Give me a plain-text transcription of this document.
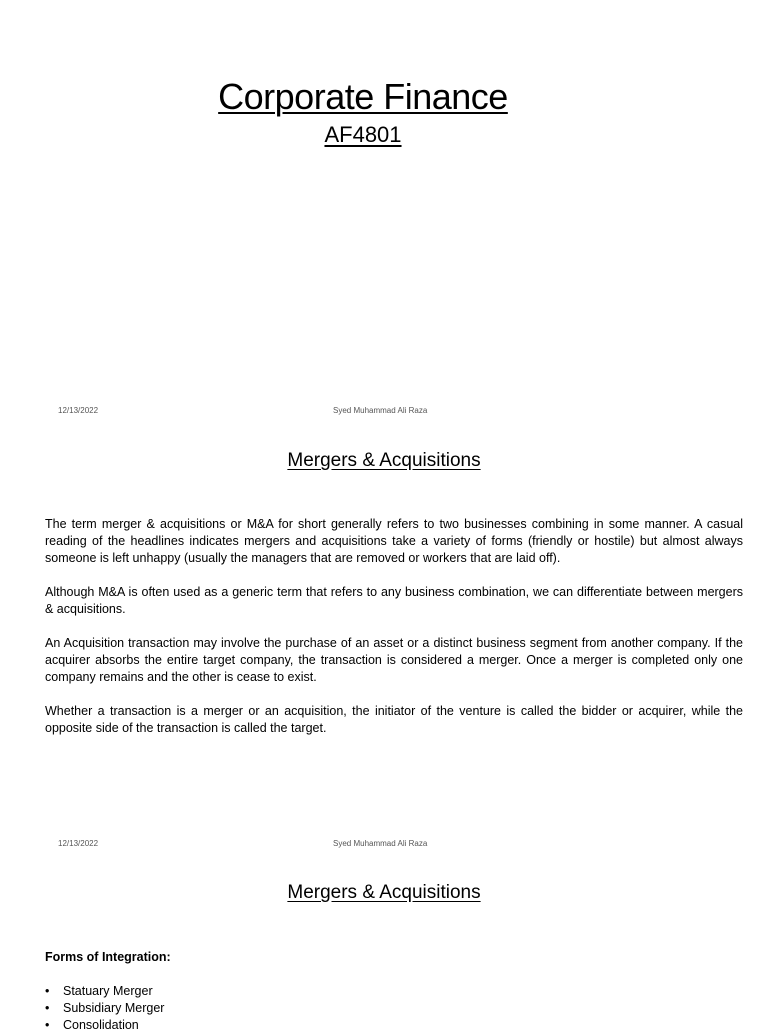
Corporate Finance
AF4801
12/13/2022	Syed Muhammad Ali Raza
Mergers & Acquisitions

The term merger & acquisitions or M&A for short generally refers to two businesses combining in some manner. A casual reading of the headlines indicates mergers and acquisitions take a variety of forms (friendly or hostile) but almost always someone is left unhappy (usually the managers that are removed or workers that are laid off).

Although M&A is often used as a generic term that refers to any business combination, we can differentiate between mergers & acquisitions.

An Acquisition transaction may involve the purchase of an asset or a distinct business segment from another company. If the acquirer absorbs the entire target company, the transaction is considered a merger. Once a merger is completed only one company remains and the other is cease to exist.

Whether a transaction is a merger or an acquisition, the initiator of the venture is called the bidder or acquirer, while the opposite side of the transaction is called the target.

12/13/2022	Syed Muhammad Ali Raza
Mergers & Acquisitions
Forms of Integration:
• Statuary Merger
• Subsidiary Merger
• Consolidation
